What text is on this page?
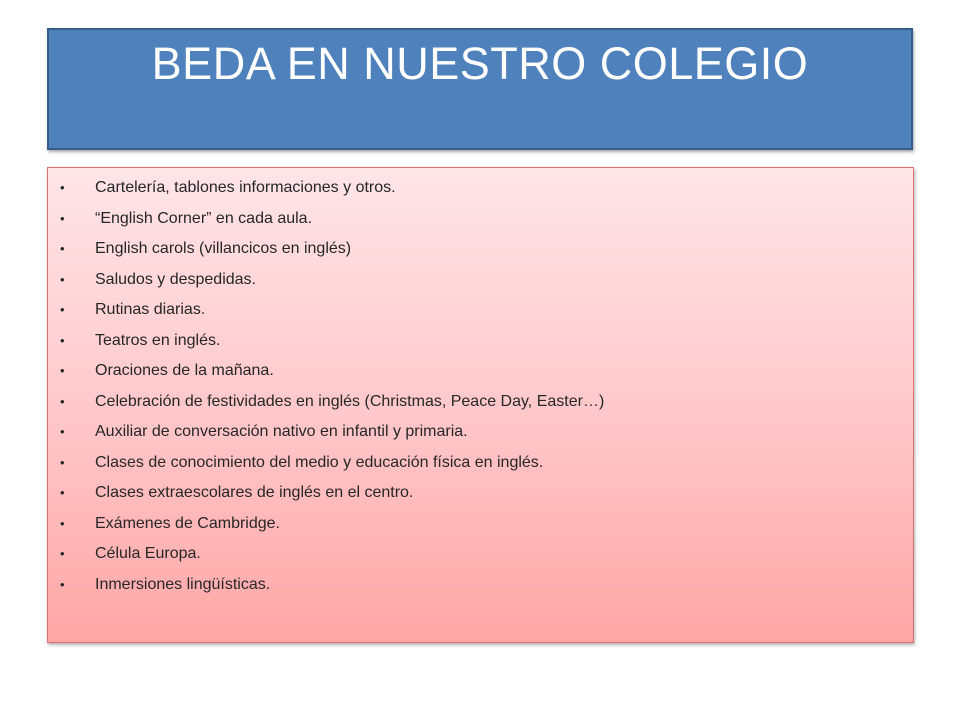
BEDA EN NUESTRO COLEGIO
• Cartelería, tablones informaciones y otros.
• “English Corner” en cada aula.
• English carols (villancicos en inglés)
• Saludos y despedidas.
• Rutinas diarias.
• Teatros en inglés.
• Oraciones de la mañana.
• Celebración de festividades en inglés (Christmas, Peace Day, Easter…)
• Auxiliar de conversación nativo en infantil y primaria.
• Clases de conocimiento del medio y educación física en inglés.
• Clases extraescolares de inglés en el centro.
• Exámenes de Cambridge.
• Célula Europa.
• Inmersiones lingüísticas.
